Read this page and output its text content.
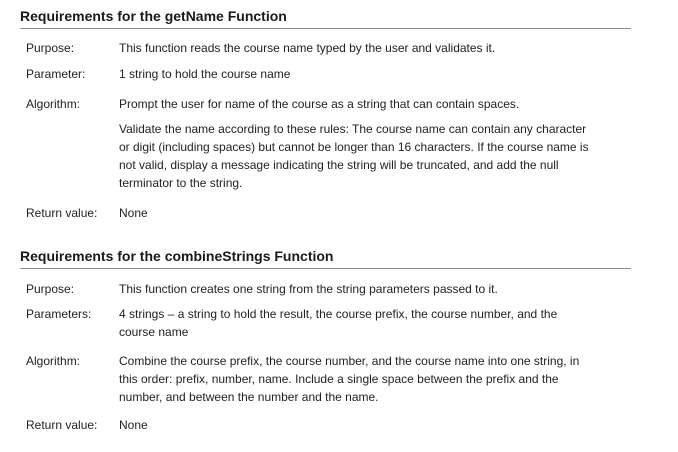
Requirements for the getName Function
Purpose:	This function reads the course name typed by the user and validates it.

Parameter:	1 string to hold the course name

Algorithm:	Prompt the user for name of the course as a string that can contain spaces.

Validate the name according to these rules: The course name can contain any character or digit (including spaces) but cannot be longer than 16 characters. If the course name is not valid, display a message indicating the string will be truncated, and add the null terminator to the string.

Return value:	None

Requirements for the combineStrings Function
Purpose:	This function creates one string from the string parameters passed to it.

Parameters:	4 strings – a string to hold the result, the course prefix, the course number, and the course name

Algorithm:	Combine the course prefix, the course number, and the course name into one string, in this order: prefix, number, name. Include a single space between the prefix and the number, and between the number and the name.

Return value:	None
